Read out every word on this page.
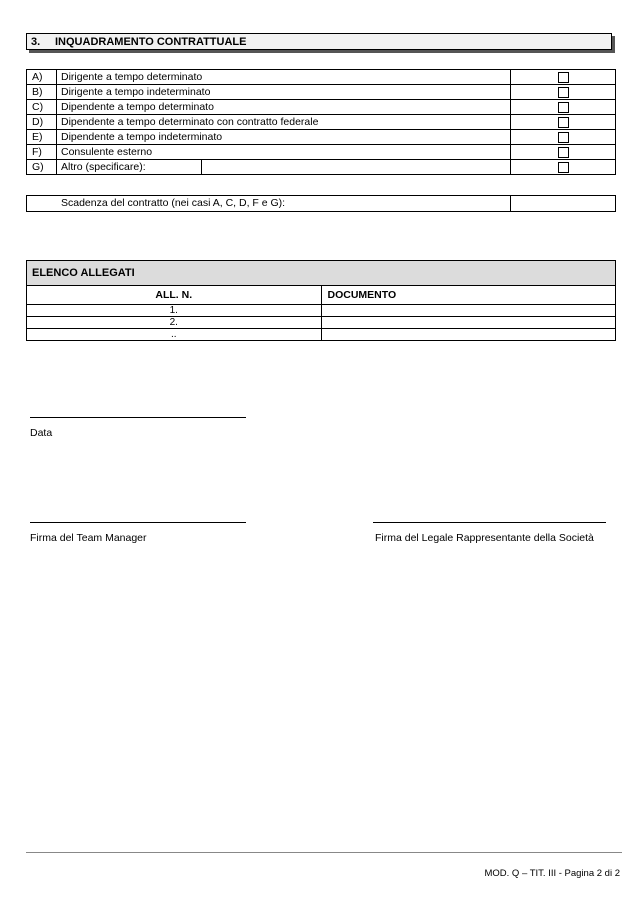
3.	INQUADRAMENTO CONTRATTUALE
A)	Dirigente a tempo determinato	
B)	Dirigente a tempo indeterminato	
C)	Dipendente a tempo determinato	
D)	Dipendente a tempo determinato con contratto federale	
E)	Dipendente a tempo indeterminato	
F)	Consulente esterno	
G)	Altro (specificare):	

	Scadenza del contratto (nei casi A, C, D, F e G):	
ELENCO ALLEGATI	
ALL. N.	DOCUMENTO
1.	
2.	
..	
Data
Firma del Team Manager	Firma del Legale Rappresentante della Società
MOD. Q – TIT. III - Pagina 2 di 2
